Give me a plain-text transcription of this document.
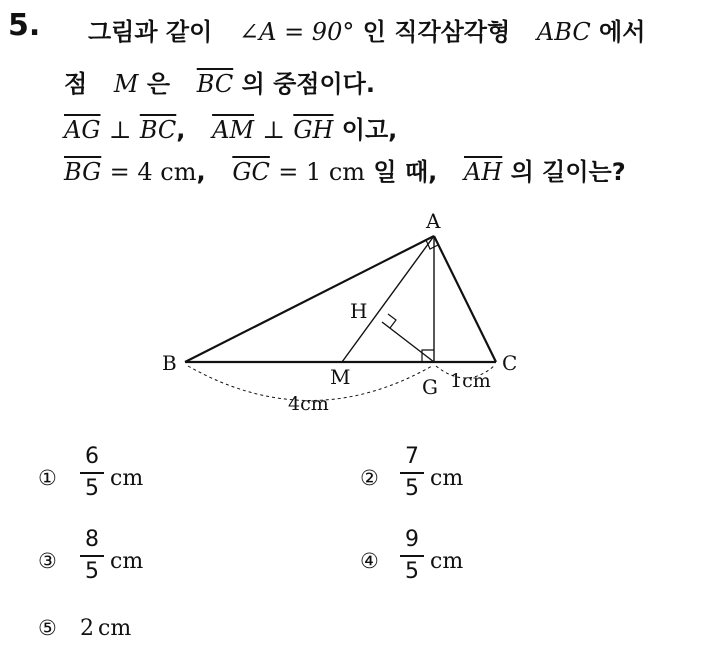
5. 그림과 같이 ∠A = 90° 인 직각삼각형 ABC 에서
점 M 은 $\overline{BC}$ 의 중점이다.
$\overline{AG}$ ⊥ $\overline{BC}$, $\overline{AM}$ ⊥ $\overline{GH}$ 이고,
$\overline{BG} = 4$ cm, $\overline{GC} = 1$ cm 일 때, $\overline{AH}$ 의 길이는?
A
B	C
M
H
G
4cm
1cm
①
6
5 cm	②
7
5 cm
③
8
5 cm	④
9
5 cm
⑤ 2 cm
